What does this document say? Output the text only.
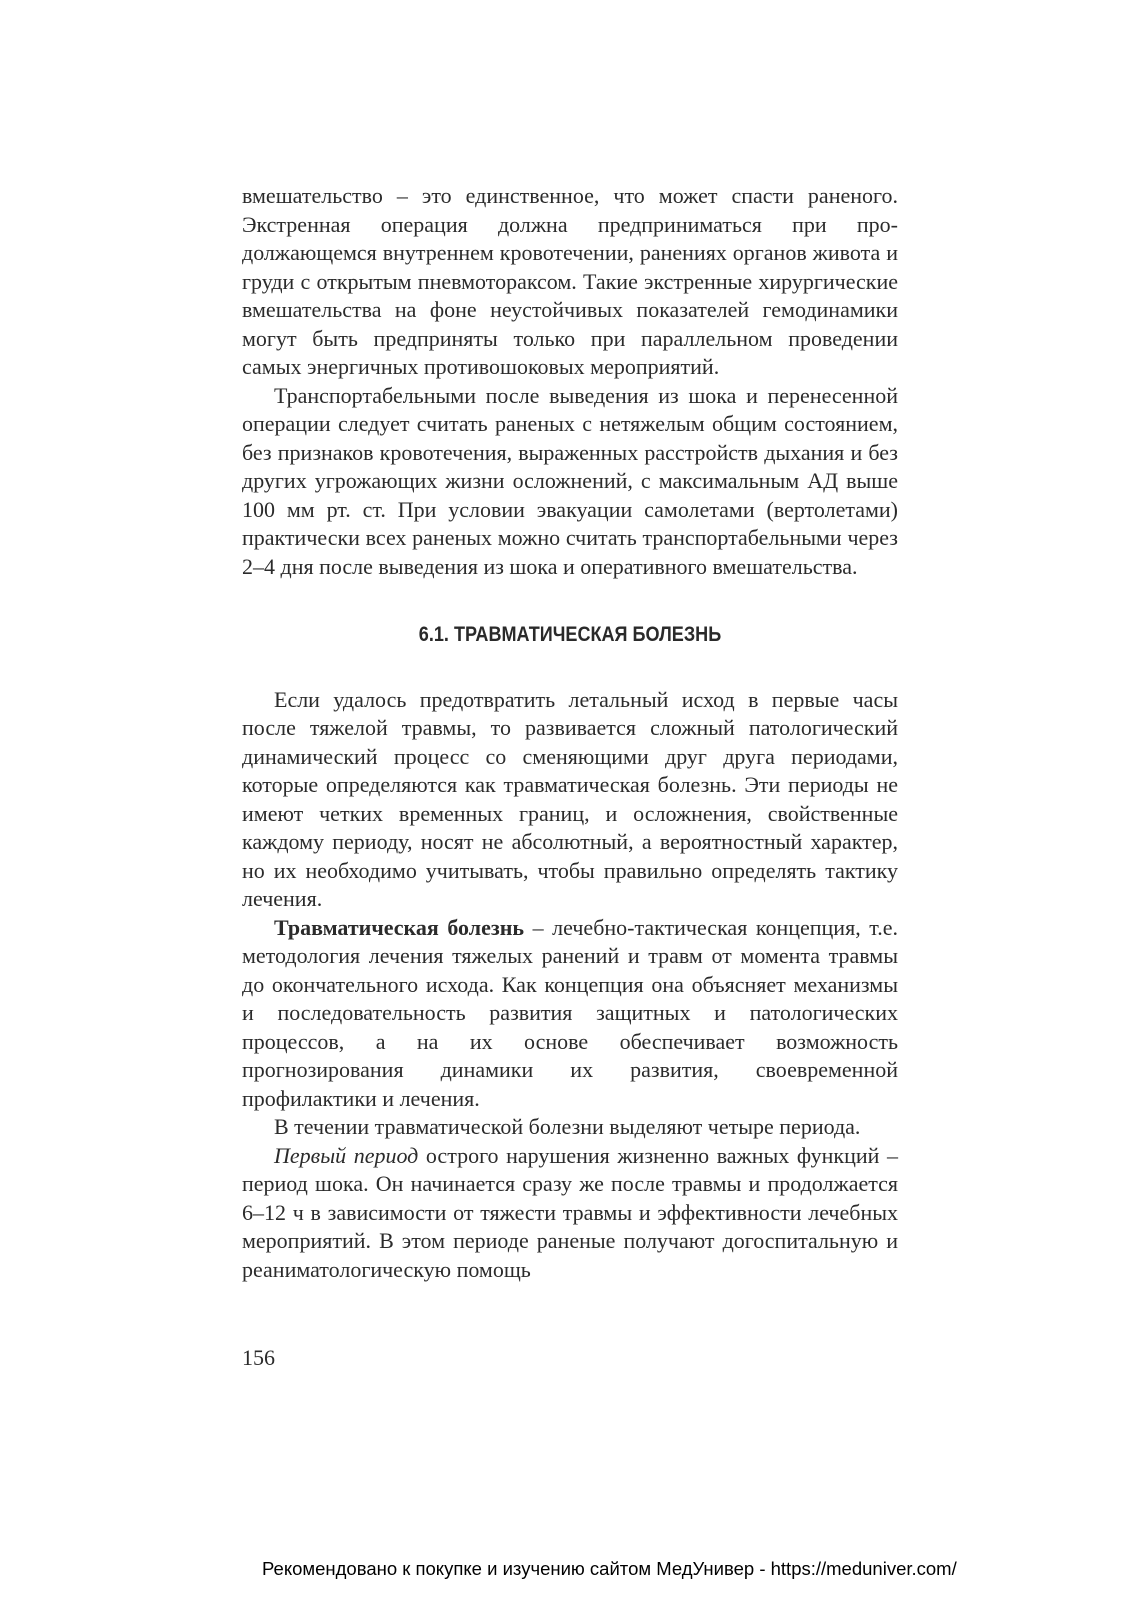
вмешательство – это единственное, что может спасти раненого. Экстренная операция должна предприниматься при продолжающемся внутреннем кровотечении, ранениях органов живота и груди с открытым пневмотораксом. Такие экстренные хирургические вмешательства на фоне неустойчивых показателей гемодинамики могут быть предприняты только при параллельном проведении самых энергичных противошоковых мероприятий.

Транспортабельными после выведения из шока и перенесенной операции следует считать раненых с нетяжелым общим состоянием, без признаков кровотечения, выраженных расстройств дыхания и без других угрожающих жизни осложнений, с максимальным АД выше 100 мм рт. ст. При условии эвакуации самолетами (вертолетами) практически всех раненых можно считать транспортабельными через 2–4 дня после выведения из шока и оперативного вмешательства.

6.1. ТРАВМАТИЧЕСКАЯ БОЛЕЗНЬ

Если удалось предотвратить летальный исход в первые часы после тяжелой травмы, то развивается сложный патологический динамический процесс со сменяющими друг друга периодами, которые определяются как травматическая болезнь. Эти периоды не имеют четких временных границ, и осложнения, свойственные каждому периоду, носят не абсолютный, а вероятностный характер, но их необходимо учитывать, чтобы правильно определять тактику лечения.

Травматическая болезнь – лечебно-тактическая концепция, т.е. методология лечения тяжелых ранений и травм от момента травмы до окончательного исхода. Как концепция она объясняет механизмы и последовательность развития защитных и патологических процессов, а на их основе обеспечивает возможность прогнозирования динамики их развития, своевременной профилактики и лечения.

В течении травматической болезни выделяют четыре периода.

Первый период острого нарушения жизненно важных функций – период шока. Он начинается сразу же после травмы и продолжается 6–12 ч в зависимости от тяжести травмы и эффективности лечебных мероприятий. В этом периоде раненые получают догоспитальную и реаниматологическую помощь

156
Рекомендовано к покупке и изучению сайтом МедУнивер - https://meduniver.com/
